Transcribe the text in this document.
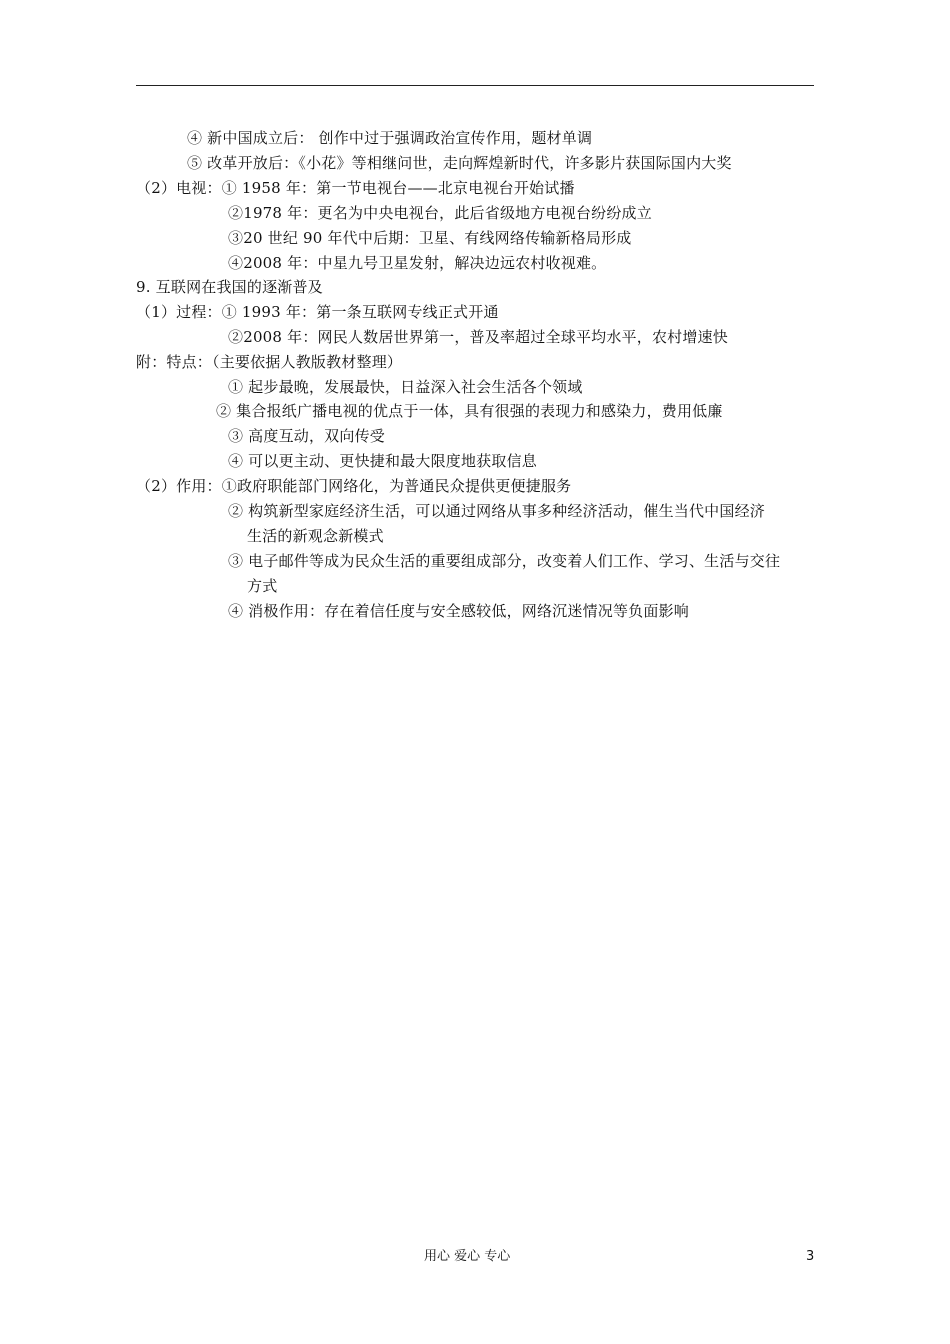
④ 新中国成立后： 创作中过于强调政治宣传作用，题材单调
⑤ 改革开放后：《小花》等相继问世，走向辉煌新时代，许多影片获国际国内大奖
（2）电视：① 1958 年：第一节电视台——北京电视台开始试播
②1978 年：更名为中央电视台，此后省级地方电视台纷纷成立
③20 世纪 90 年代中后期：卫星、有线网络传输新格局形成
④2008 年：中星九号卫星发射，解决边远农村收视难。
9. 互联网在我国的逐渐普及
（1）过程：① 1993 年：第一条互联网专线正式开通
②2008 年：网民人数居世界第一，普及率超过全球平均水平，农村增速快
附：特点：（主要依据人教版教材整理）
① 起步最晚，发展最快，日益深入社会生活各个领域
② 集合报纸广播电视的优点于一体，具有很强的表现力和感染力，费用低廉
③ 高度互动，双向传受
④ 可以更主动、更快捷和最大限度地获取信息
（2）作用：①政府职能部门网络化，为普通民众提供更便捷服务
② 构筑新型家庭经济生活，可以通过网络从事多种经济活动，催生当代中国经济
生活的新观念新模式
③ 电子邮件等成为民众生活的重要组成部分，改变着人们工作、学习、生活与交往
方式
④ 消极作用：存在着信任度与安全感较低，网络沉迷情况等负面影响
用心 爱心 专心	3
